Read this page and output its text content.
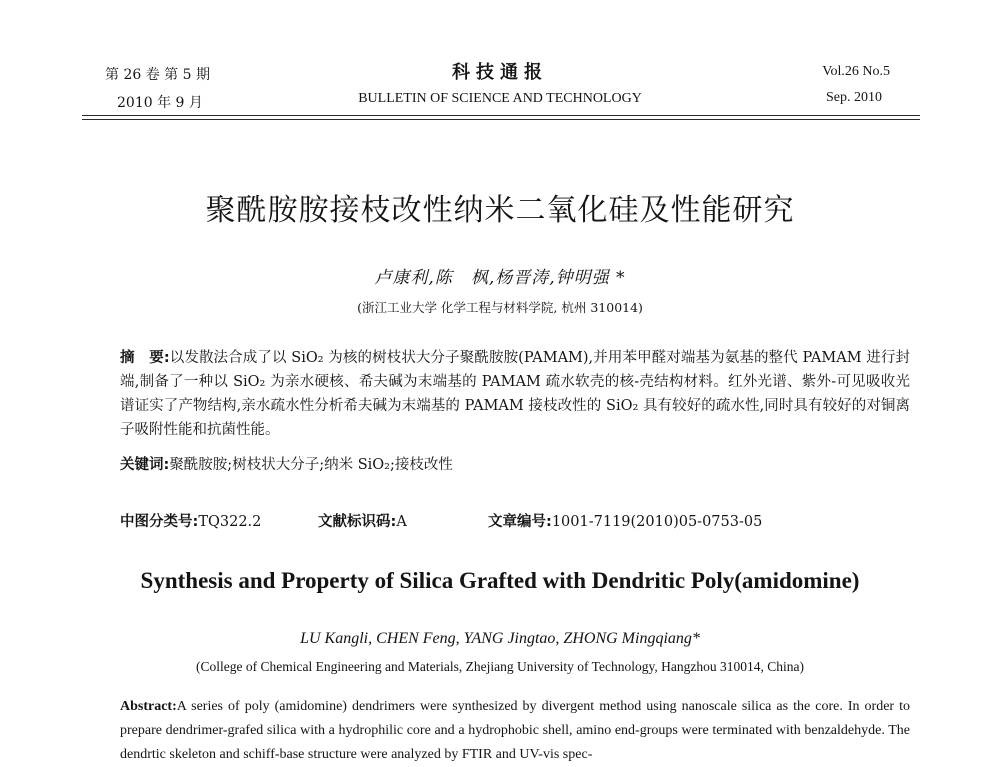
第 26 卷 第 5 期
2010 年 9 月
科技通报
BULLETIN OF SCIENCE AND TECHNOLOGY
Vol.26 No.5
Sep. 2010
聚酰胺胺接枝改性纳米二氧化硅及性能研究
卢康利,陈　枫,杨晋涛,钟明强 *
(浙江工业大学 化学工程与材料学院, 杭州 310014)
摘　要:以发散法合成了以 SiO₂ 为核的树枝状大分子聚酰胺胺(PAMAM),并用苯甲醛对端基为氨基的整代 PAMAM 进行封端,制备了一种以 SiO₂ 为亲水硬核、希夫碱为末端基的 PAMAM 疏水软壳的核-壳结构材料。红外光谱、紫外-可见吸收光谱证实了产物结构,亲水疏水性分析希夫碱为末端基的 PAMAM 接枝改性的 SiO₂ 具有较好的疏水性,同时具有较好的对铜离子吸附性能和抗菌性能。
关键词:聚酰胺胺;树枝状大分子;纳米 SiO₂;接枝改性
中图分类号:TQ322.2	文献标识码:A	文章编号:1001-7119(2010)05-0753-05
Synthesis and Property of Silica Grafted with Dendritic Poly(amidomine)
LU Kangli, CHEN Feng, YANG Jingtao, ZHONG Mingqiang*
(College of Chemical Engineering and Materials, Zhejiang University of Technology, Hangzhou 310014, China)
Abstract:A series of poly (amidomine) dendrimers were synthesized by divergent method using nanoscale silica as the core. In order to prepare dendrimer-grafed silica with a hydrophilic core and a hydrophobic shell, amino end-groups were terminated with benzaldehyde. The dendrtic skeleton and schiff-base structure were analyzed by FTIR and UV-vis spec-
